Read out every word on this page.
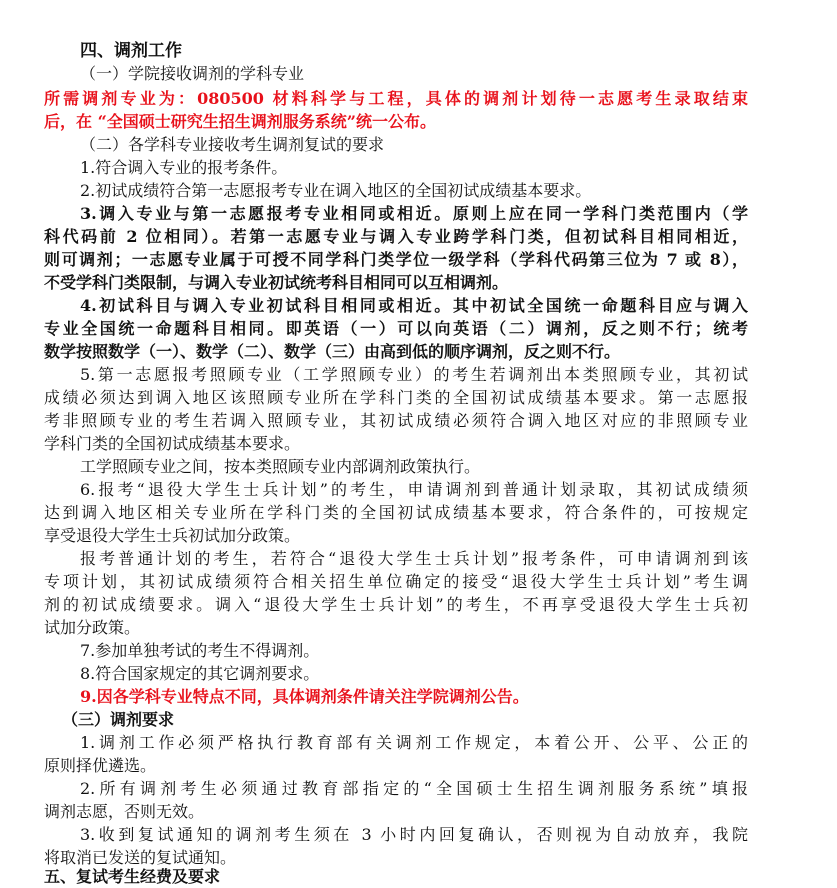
四、调剂工作

（一）学院接收调剂的学科专业

所需调剂专业为：080500 材料科学与工程，具体的调剂计划待一志愿考生录取结束

后，在 “全国硕士研究生招生调剂服务系统”统一公布。

（二）各学科专业接收考生调剂复试的要求

1.符合调入专业的报考条件。

2.初试成绩符合第一志愿报考专业在调入地区的全国初试成绩基本要求。

3.调入专业与第一志愿报考专业相同或相近。原则上应在同一学科门类范围内（学

科代码前 2 位相同）。若第一志愿专业与调入专业跨学科门类，但初试科目相同相近，

则可调剂；一志愿专业属于可授不同学科门类学位一级学科（学科代码第三位为 7 或 8），

不受学科门类限制，与调入专业初试统考科目相同可以互相调剂。

4.初试科目与调入专业初试科目相同或相近。其中初试全国统一命题科目应与调入

专业全国统一命题科目相同。即英语（一）可以向英语（二）调剂，反之则不行；统考

数学按照数学（一）、数学（二）、数学（三）由高到低的顺序调剂，反之则不行。

5.第一志愿报考照顾专业（工学照顾专业）的考生若调剂出本类照顾专业，其初试

成绩必须达到调入地区该照顾专业所在学科门类的全国初试成绩基本要求。第一志愿报

考非照顾专业的考生若调入照顾专业，其初试成绩必须符合调入地区对应的非照顾专业

学科门类的全国初试成绩基本要求。

工学照顾专业之间，按本类照顾专业内部调剂政策执行。

6.报考“退役大学生士兵计划”的考生，申请调剂到普通计划录取，其初试成绩须

达到调入地区相关专业所在学科门类的全国初试成绩基本要求，符合条件的，可按规定

享受退役大学生士兵初试加分政策。

报考普通计划的考生，若符合“退役大学生士兵计划”报考条件，可申请调剂到该

专项计划，其初试成绩须符合相关招生单位确定的接受“退役大学生士兵计划”考生调

剂的初试成绩要求。调入“退役大学生士兵计划”的考生，不再享受退役大学生士兵初

试加分政策。

7.参加单独考试的考生不得调剂。

8.符合国家规定的其它调剂要求。

9.因各学科专业特点不同，具体调剂条件请关注学院调剂公告。

（三）调剂要求

1.调剂工作必须严格执行教育部有关调剂工作规定，本着公开、公平、公正的

原则择优遴选。

2.所有调剂考生必须通过教育部指定的“全国硕士生招生调剂服务系统”填报

调剂志愿，否则无效。

3.收到复试通知的调剂考生须在 3 小时内回复确认，否则视为自动放弃，我院

将取消已发送的复试通知。

五、复试考生经费及要求
